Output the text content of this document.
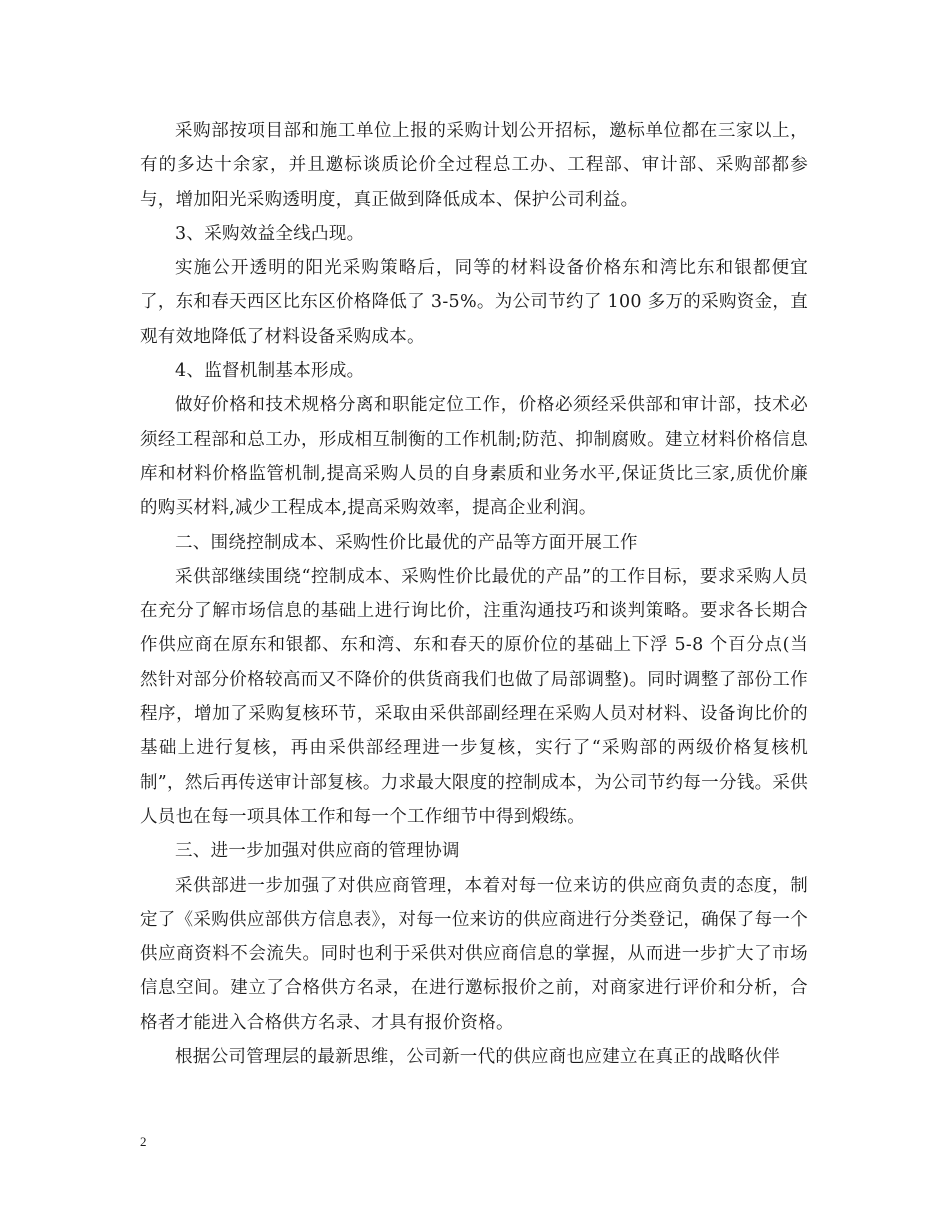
采购部按项目部和施工单位上报的采购计划公开招标，邀标单位都在三家以上，有的多达十余家，并且邀标谈质论价全过程总工办、工程部、审计部、采购部都参与，增加阳光采购透明度，真正做到降低成本、保护公司利益。

3、采购效益全线凸现。

实施公开透明的阳光采购策略后，同等的材料设备价格东和湾比东和银都便宜了，东和春天西区比东区价格降低了 3-5%。为公司节约了 100 多万的采购资金，直观有效地降低了材料设备采购成本。

4、监督机制基本形成。

做好价格和技术规格分离和职能定位工作，价格必须经采供部和审计部，技术必须经工程部和总工办，形成相互制衡的工作机制;防范、抑制腐败。建立材料价格信息库和材料价格监管机制,提高采购人员的自身素质和业务水平,保证货比三家,质优价廉的购买材料,减少工程成本,提高采购效率，提高企业利润。

二、围绕控制成本、采购性价比最优的产品等方面开展工作

采供部继续围绕“控制成本、采购性价比最优的产品”的工作目标，要求采购人员在充分了解市场信息的基础上进行询比价，注重沟通技巧和谈判策略。要求各长期合作供应商在原东和银都、东和湾、东和春天的原价位的基础上下浮 5-8 个百分点(当然针对部分价格较高而又不降价的供货商我们也做了局部调整)。同时调整了部份工作程序，增加了采购复核环节，采取由采供部副经理在采购人员对材料、设备询比价的基础上进行复核，再由采供部经理进一步复核，实行了“采购部的两级价格复核机制”，然后再传送审计部复核。力求最大限度的控制成本，为公司节约每一分钱。采供人员也在每一项具体工作和每一个工作细节中得到煅练。

三、进一步加强对供应商的管理协调

采供部进一步加强了对供应商管理，本着对每一位来访的供应商负责的态度，制定了《采购供应部供方信息表》，对每一位来访的供应商进行分类登记，确保了每一个供应商资料不会流失。同时也利于采供对供应商信息的掌握，从而进一步扩大了市场信息空间。建立了合格供方名录，在进行邀标报价之前，对商家进行评价和分析，合格者才能进入合格供方名录、才具有报价资格。

根据公司管理层的最新思维，公司新一代的供应商也应建立在真正的战略伙伴

2
